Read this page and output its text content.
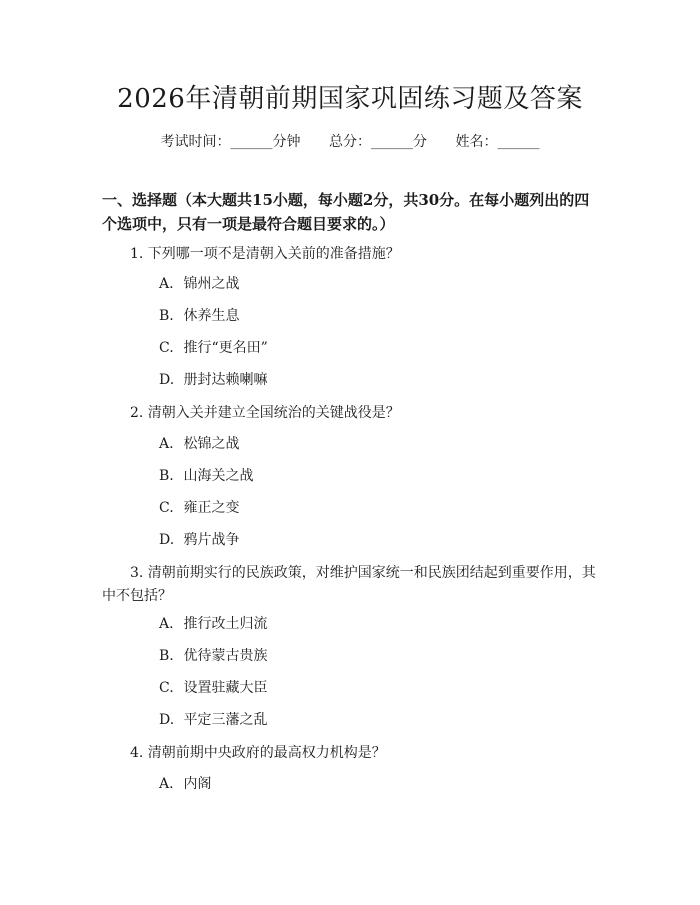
2026年清朝前期国家巩固练习题及答案
考试时间：______分钟 总分：______分 姓名：______
一、选择题（本大题共15小题，每小题2分，共30分。在每小题列出的四个选项中，只有一项是最符合题目要求的。）
1. 下列哪一项不是清朝入关前的准备措施？
A. 锦州之战
B. 休养生息
C. 推行“更名田”
D. 册封达赖喇嘛
2. 清朝入关并建立全国统治的关键战役是？
A. 松锦之战
B. 山海关之战
C. 雍正之变
D. 鸦片战争
3. 清朝前期实行的民族政策，对维护国家统一和民族团结起到重要作用，其中不包括？
A. 推行改土归流
B. 优待蒙古贵族
C. 设置驻藏大臣
D. 平定三藩之乱
4. 清朝前期中央政府的最高权力机构是？
A. 内阁
